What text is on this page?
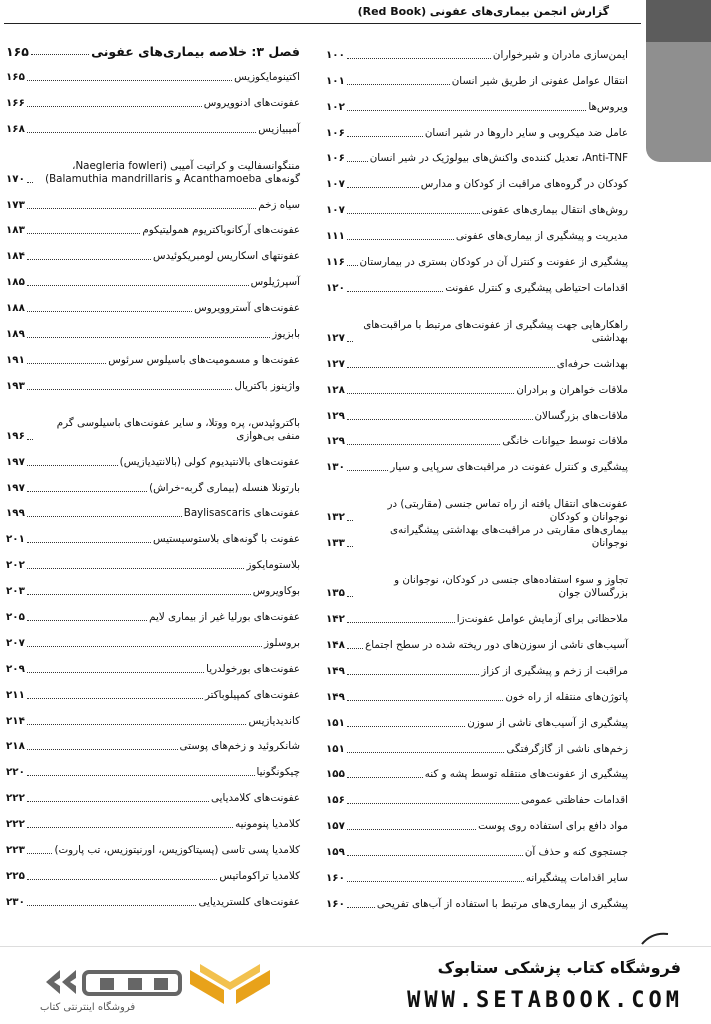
گزارش انجمن بیماری‌های عفونی (Red Book)
فصل ۳: خلاصه بیماری‌های عفونی
۱۶۵
اکتینومایکوزیس
۱۶۵
عفونت‌های ادنوویروس
۱۶۶
آمیبیازیس
۱۶۸
مننگوانسفالیت و کراتیت آمیبی (Naegleria fowleri، گونه‌های Acanthamoeba و Balamuthia mandrillaris)
۱۷۰
سیاه زخم
۱۷۳
عفونت‌های آرکانوباکتریوم همولیتیکوم
۱۸۳
عفونتهای اسکاریس لومبریکوئیدس
۱۸۴
آسپرژیلوس
۱۸۵
عفونت‌های آستروویروس
۱۸۸
بابزیوز
۱۸۹
عفونت‌ها و مسمومیت‌های باسیلوس سرئوس
۱۹۱
واژینوز باکتریال
۱۹۳
باکتروئیدس، پره ووتلا، و سایر عفونت‌های باسیلوسی گرم منفی بی‌هوازی
۱۹۶
عفونت‌های بالانتیدیوم کولی (بالانتیدیازیس)
۱۹۷
بارتونلا هنسله (بیماری گربه-خراش)
۱۹۷
عفونت‌های Baylisascaris
۱۹۹
عفونت با گونه‌های بلاستوسیستیس
۲۰۱
بلاستومایکوز
۲۰۲
بوکاویروس
۲۰۳
عفونت‌های بورلیا غیر از بیماری لایم
۲۰۵
بروسلوز
۲۰۷
عفونت‌های بورخولدریا
۲۰۹
عفونت‌های کمپیلوباکتر
۲۱۱
کاندیدیازیس
۲۱۴
شانکروئید و زخم‌های پوستی
۲۱۸
چیکونگونیا
۲۲۰
عفونت‌های کلامدیایی
۲۲۲
کلامدیا پنومونیه
۲۲۲
کلامدیا پسی تاسی (پسیتاکوزیس، اورنیتوزیس، تب پاروت)
۲۲۳
کلامدیا تراکوماتیس
۲۲۵
عفونت‌های کلستریدیایی
۲۳۰
ایمن‌سازی مادران و شیرخواران
۱۰۰
انتقال عوامل عفونی از طریق شیر انسان
۱۰۱
ویروس‌ها
۱۰۲
عامل ضد میکروبی و سایر داروها در شیر انسان
۱۰۶
Anti-TNF، تعدیل کننده‌ی واکنش‌های بیولوژیک در شیر انسان
۱۰۶
کودکان در گروه‌های مراقبت از کودکان و مدارس
۱۰۷
روش‌های انتقال بیماری‌های عفونی
۱۰۷
مدیریت و پیشگیری از بیماری‌های عفونی
۱۱۱
پیشگیری از عفونت و کنترل آن در کودکان بستری در بیمارستان
۱۱۶
اقدامات احتیاطی پیشگیری و کنترل عفونت
۱۲۰
راهکارهایی جهت پیشگیری از عفونت‌های مرتبط با مراقبت‌های بهداشتی
۱۲۷
بهداشت حرفه‌ای
۱۲۷
ملاقات خواهران و برادران
۱۲۸
ملاقات‌های بزرگسالان
۱۲۹
ملاقات توسط حیوانات خانگی
۱۲۹
پیشگیری و کنترل عفونت در مراقبت‌های سرپایی و سیار
۱۳۰
عفونت‌های انتقال یافته از راه تماس جنسی (مقاربتی) در نوجوانان و کودکان
۱۳۲
بیماری‌های مقاربتی در مراقبت‌های بهداشتی پیشگیرانه‌ی نوجوانان
۱۳۳
تجاوز و سوء استفاده‌های جنسی در کودکان، نوجوانان و بزرگسالان جوان
۱۳۵
ملاحظاتی برای آزمایش عوامل عفونت‌زا
۱۴۲
آسیب‌های ناشی از سوزن‌های دور ریخته شده در سطح اجتماع
۱۴۸
مراقبت از زخم و پیشگیری از کزاز
۱۴۹
پاتوژن‌های منتقله از راه خون
۱۴۹
پیشگیری از آسیب‌های ناشی از سوزن
۱۵۱
زخم‌های ناشی از گازگرفتگی
۱۵۱
پیشگیری از عفونت‌های منتقله توسط پشه و کنه
۱۵۵
اقدامات حفاظتی عمومی
۱۵۶
مواد دافع برای استفاده روی پوست
۱۵۷
جستجوی کنه و حذف آن
۱۵۹
سایر اقدامات پیشگیرانه
۱۶۰
پیشگیری از بیماری‌های مرتبط با استفاده از آب‌های تفریحی
۱۶۰
فروشگاه کتاب پزشکی ستابوک
WWW.SETABOOK.COM
فروشگاه اینترنتی کتاب
